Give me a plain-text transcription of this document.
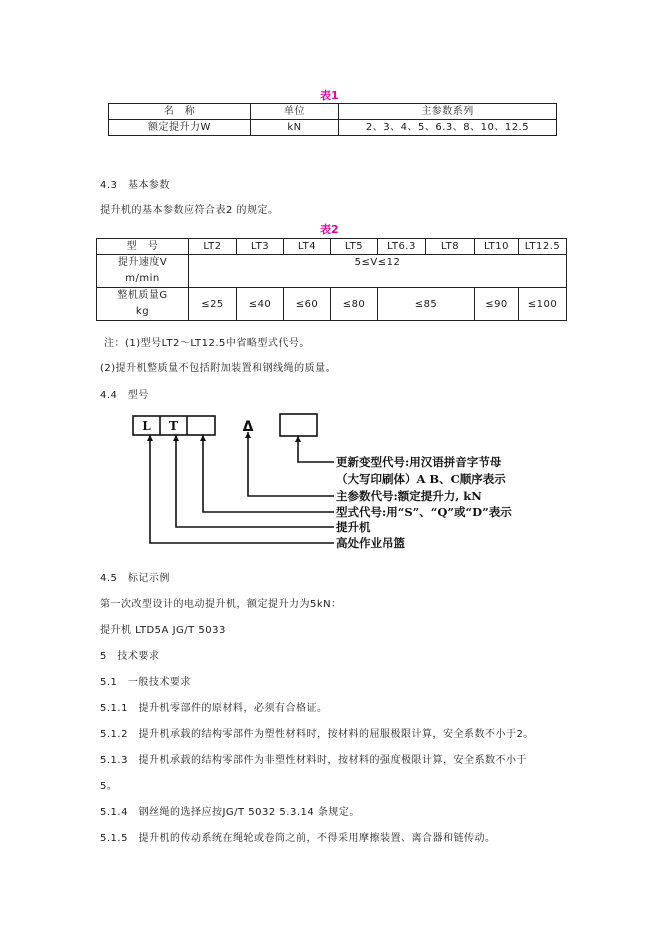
表1
名　称	单位	主参数系列
额定提升力W	kN	2、3、4、5、6.3、8、10、12.5
4.3　基本参数
提升机的基本参数应符合表2 的规定。
表2
型　号	LT2	LT3	LT4	LT5	LT6.3	LT8	LT10	LT12.5

提升速度V
m/min	5≤V≤12							

整机质量G
kg	≤25	≤40	≤60	≤80	≤85		≤90	≤100
注：(1)型号LT2～LT12.5中省略型式代号。
(2)提升机整质量不包括附加装置和钢线绳的质量。
4.4　型号
L T	Δ
更新变型代号:用汉语拼音字节母
（大写印刷体）A B、C顺序表示
主参数代号:额定提升力, kN
型式代号:用“S”、“Q”或“D”表示
提升机
高处作业吊篮
4.5　标记示例
第一次改型设计的电动提升机，额定提升力为5kN：
提升机 LTD5A JG/T 5033
5　技术要求
5.1　一般技术要求
5.1.1　提升机零部件的原材料，必须有合格证。
5.1.2　提升机承载的结构零部件为塑性材料时，按材料的屈服极限计算，安全系数不小于2。
5.1.3　提升机承载的结构零部件为非塑性材料时，按材料的强度极限计算，安全系数不小于
5。
5.1.4　钢丝绳的选择应按JG/T 5032 5.3.14 条规定。
5.1.5　提升机的传动系统在绳轮或卷筒之前，不得采用摩擦装置、离合器和链传动。
